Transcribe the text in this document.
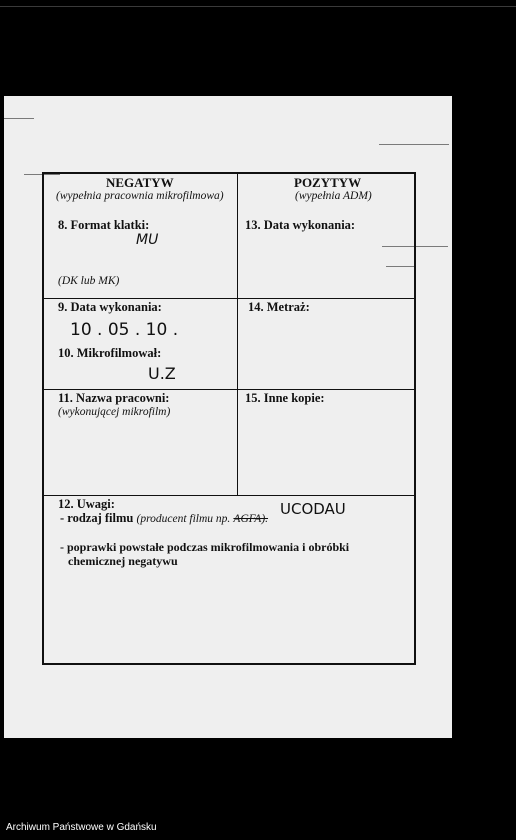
NEGATYW
(wypełnia pracownia mikrofilmowa)
POZYTYW
(wypełnia ADM)
8. Format klatki:
MU
(DK lub MK)
13. Data wykonania:
9. Data wykonania:
10 . 05 . 10 .
10. Mikrofilmował:
U.Z
14. Metraż:
11. Nazwa pracowni:
(wykonującej mikrofilm)
15. Inne kopie:
12. Uwagi:
- rodzaj filmu (producent filmu np. AGFA).
UCODAU
- poprawki powstałe podczas mikrofilmowania i obróbki
chemicznej negatywu
Archiwum Państwowe w Gdańsku
